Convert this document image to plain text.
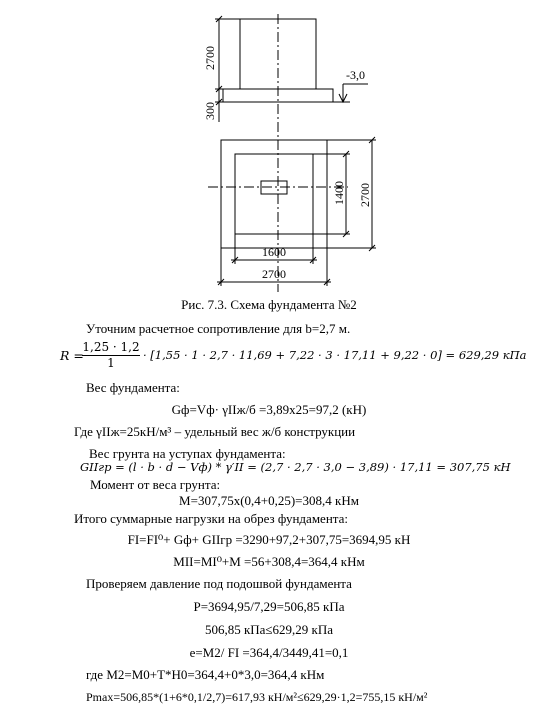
2700
300
-3,0
1400 2700
1600
2700
Рис. 7.3. Схема фундамента №2
Уточним расчетное сопротивление для b=2,7 м.
R =
$\frac{1,25 \cdot 1,2}{1} \cdot [1,55 \cdot 1 \cdot 2,7 \cdot 11,69 + 7,22 \cdot 3 \cdot 17,11 + 9,22 \cdot 0] = 629,29$ кПа
Вес фундамента:
Gф=Vф· γIIж/б =3,89х25=97,2 (кН)
Где γIIж=25кН/м³ – удельный вес ж/б конструкции
Вес грунта на уступах фундамента:
GIIгр = (l · b · d − Vф) * γ′II = (2,7 · 2,7 · 3,0 − 3,89) · 17,11 = 307,75 кН
Момент от веса грунта:
M=307,75х(0,4+0,25)=308,4 кНм
Итого суммарные нагрузки на обрез фундамента:
FI=FI⁰+ Gф+ GIIгр =3290+97,2+307,75=3694,95 кН
MII=MI⁰+M =56+308,4=364,4 кНм
Проверяем давление под подошвой фундамента
P=3694,95/7,29=506,85 кПа
506,85 кПа≤629,29 кПа
e=M2/ FI =364,4/3449,41=0,1
где M2=M0+T*H0=364,4+0*3,0=364,4 кНм
Pmax=506,85*(1+6*0,1/2,7)=617,93 кН/м²≤629,29·1,2=755,15 кН/м²
